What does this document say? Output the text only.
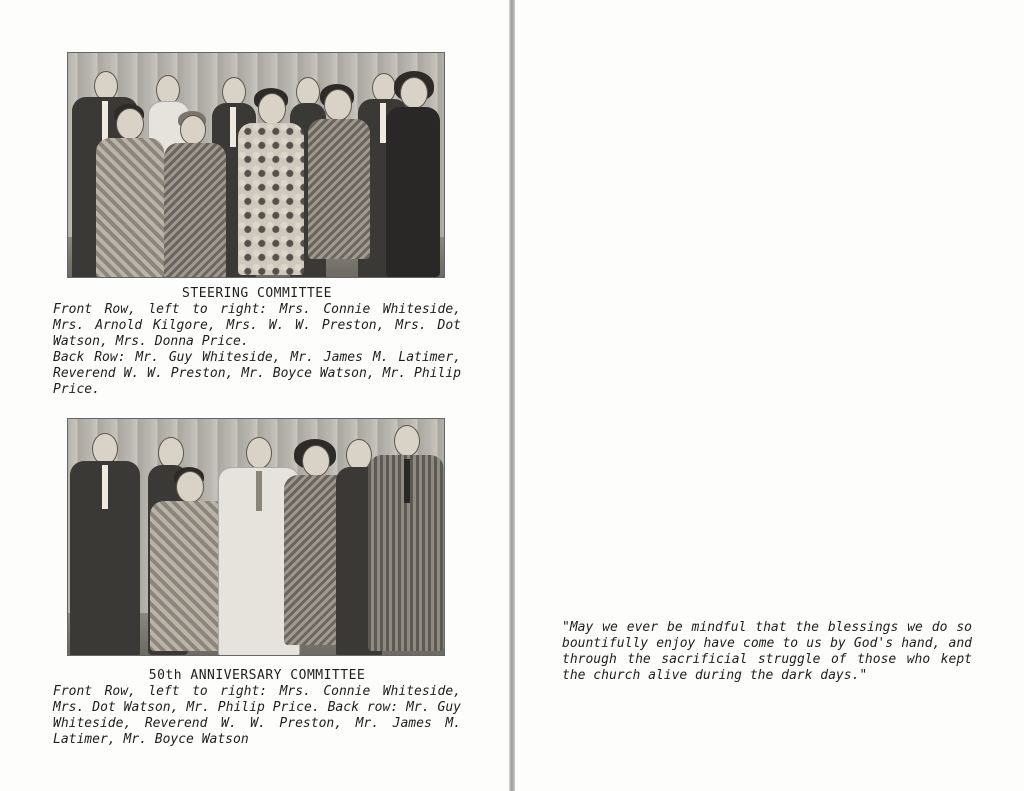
STEERING COMMITTEE

Front Row, left to right: Mrs. Connie Whiteside, Mrs. Arnold Kilgore, Mrs. W. W. Preston, Mrs. Dot Watson, Mrs. Donna Price.

Back Row: Mr. Guy Whiteside, Mr. James M. Latimer, Reverend W. W. Preston, Mr. Boyce Watson, Mr. Philip Price.

50th ANNIVERSARY COMMITTEE

Front Row, left to right: Mrs. Connie Whiteside, Mrs. Dot Watson, Mr. Philip Price. Back row: Mr. Guy Whiteside, Reverend W. W. Preston, Mr. James M. Latimer, Mr. Boyce Watson

"May we ever be mindful that the blessings we do so bountifully enjoy have come to us by God's hand, and through the sacrificial struggle of those who kept the church alive during the dark days."
